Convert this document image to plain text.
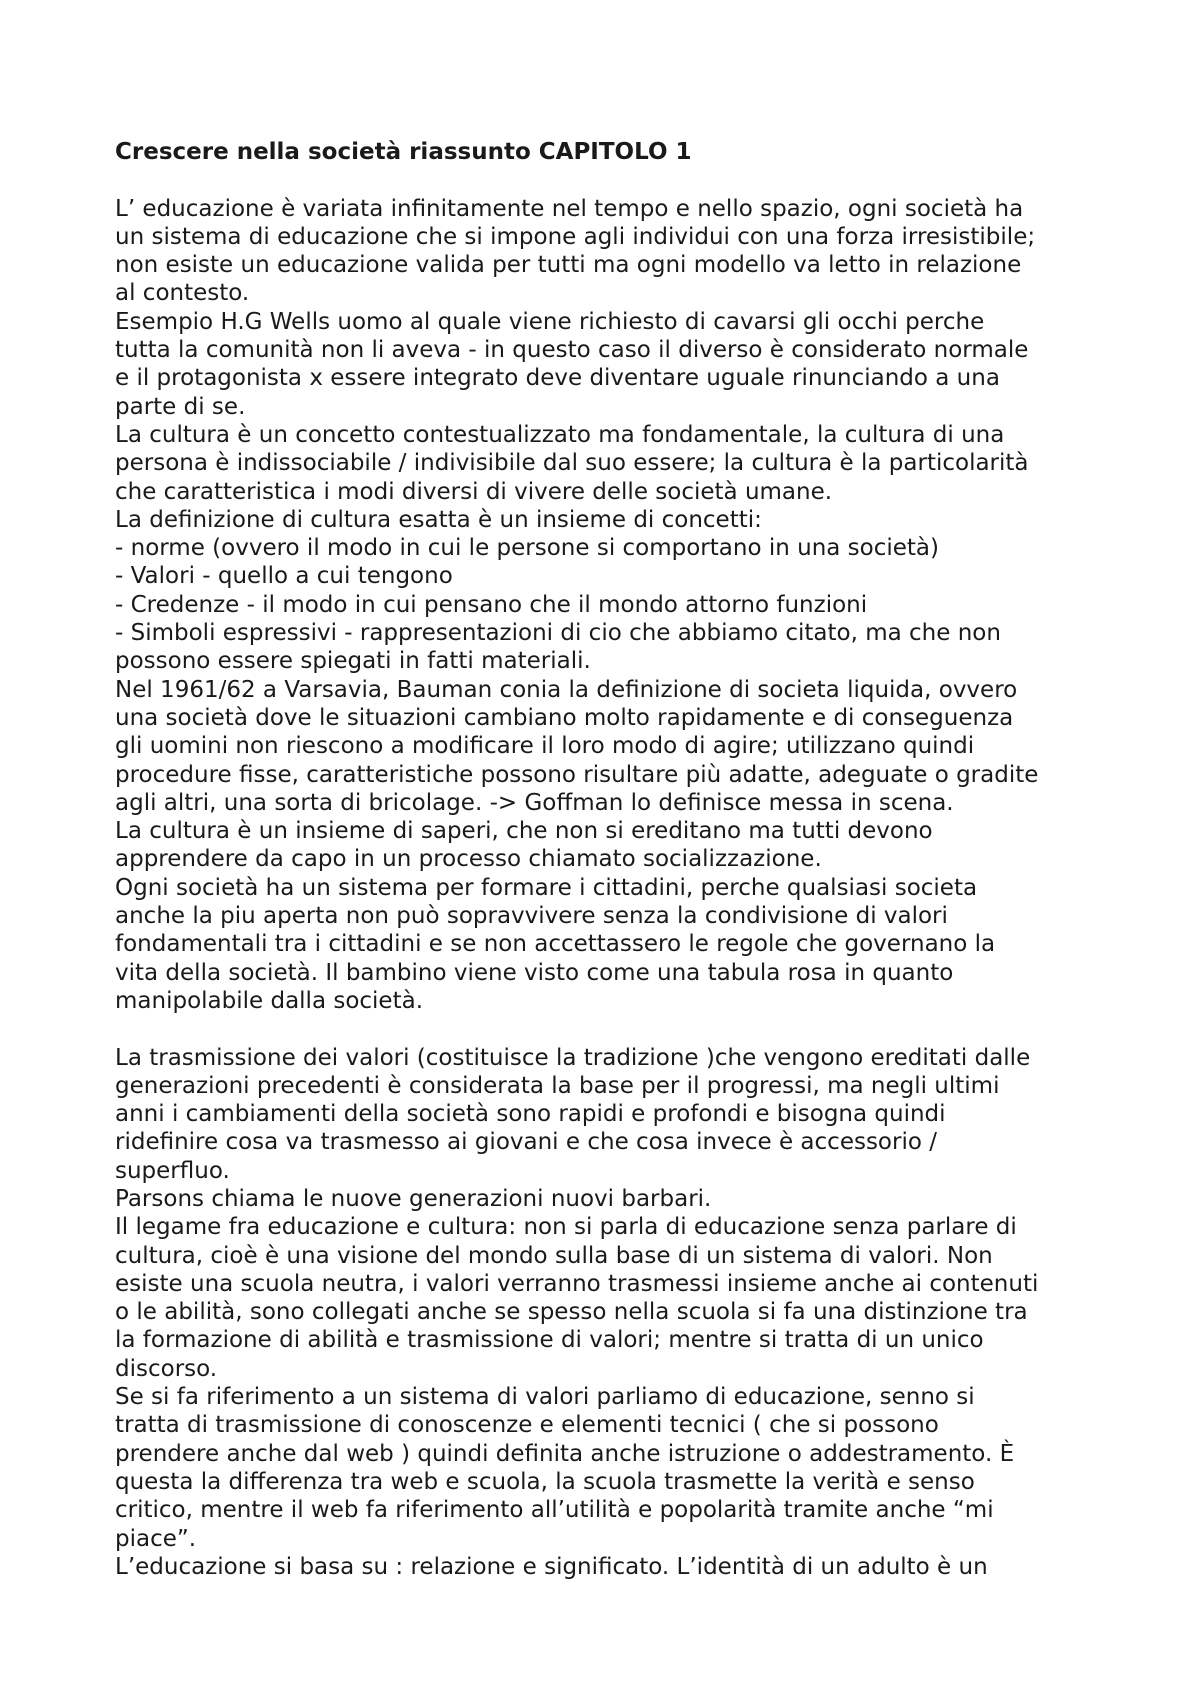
Crescere nella società riassunto CAPITOLO 1
L’ educazione è variata infinitamente nel tempo e nello spazio, ogni società ha
un sistema di educazione che si impone agli individui con una forza irresistibile;
non esiste un educazione valida per tutti ma ogni modello va letto in relazione
al contesto.
Esempio H.G Wells uomo al quale viene richiesto di cavarsi gli occhi perche
tutta la comunità non li aveva - in questo caso il diverso è considerato normale
e il protagonista x essere integrato deve diventare uguale rinunciando a una
parte di se.
La cultura è un concetto contestualizzato ma fondamentale, la cultura di una
persona è indissociabile / indivisibile dal suo essere; la cultura è la particolarità
che caratteristica i modi diversi di vivere delle società umane.
La definizione di cultura esatta è un insieme di concetti:
- norme (ovvero il modo in cui le persone si comportano in una società)
- Valori - quello a cui tengono
- Credenze - il modo in cui pensano che il mondo attorno funzioni
- Simboli espressivi - rappresentazioni di cio che abbiamo citato, ma che non
possono essere spiegati in fatti materiali.
Nel 1961/62 a Varsavia, Bauman conia la definizione di societa liquida, ovvero
una società dove le situazioni cambiano molto rapidamente e di conseguenza
gli uomini non riescono a modificare il loro modo di agire; utilizzano quindi
procedure fisse, caratteristiche possono risultare più adatte, adeguate o gradite
agli altri, una sorta di bricolage. -> Goffman lo definisce messa in scena.
La cultura è un insieme di saperi, che non si ereditano ma tutti devono
apprendere da capo in un processo chiamato socializzazione.
Ogni società ha un sistema per formare i cittadini, perche qualsiasi societa
anche la piu aperta non può sopravvivere senza la condivisione di valori
fondamentali tra i cittadini e se non accettassero le regole che governano la
vita della società. Il bambino viene visto come una tabula rosa in quanto
manipolabile dalla società.
La trasmissione dei valori (costituisce la tradizione )che vengono ereditati dalle
generazioni precedenti è considerata la base per il progressi, ma negli ultimi
anni i cambiamenti della società sono rapidi e profondi e bisogna quindi
ridefinire cosa va trasmesso ai giovani e che cosa invece è accessorio /
superfluo.
Parsons chiama le nuove generazioni nuovi barbari.
Il legame fra educazione e cultura: non si parla di educazione senza parlare di
cultura, cioè è una visione del mondo sulla base di un sistema di valori. Non
esiste una scuola neutra, i valori verranno trasmessi insieme anche ai contenuti
o le abilità, sono collegati anche se spesso nella scuola si fa una distinzione tra
la formazione di abilità e trasmissione di valori; mentre si tratta di un unico
discorso.
Se si fa riferimento a un sistema di valori parliamo di educazione, senno si
tratta di trasmissione di conoscenze e elementi tecnici ( che si possono
prendere anche dal web ) quindi definita anche istruzione o addestramento. È
questa la differenza tra web e scuola, la scuola trasmette la verità e senso
critico, mentre il web fa riferimento all’utilità e popolarità tramite anche “mi
piace”.
L’educazione si basa su : relazione e significato. L’identità di un adulto è un
